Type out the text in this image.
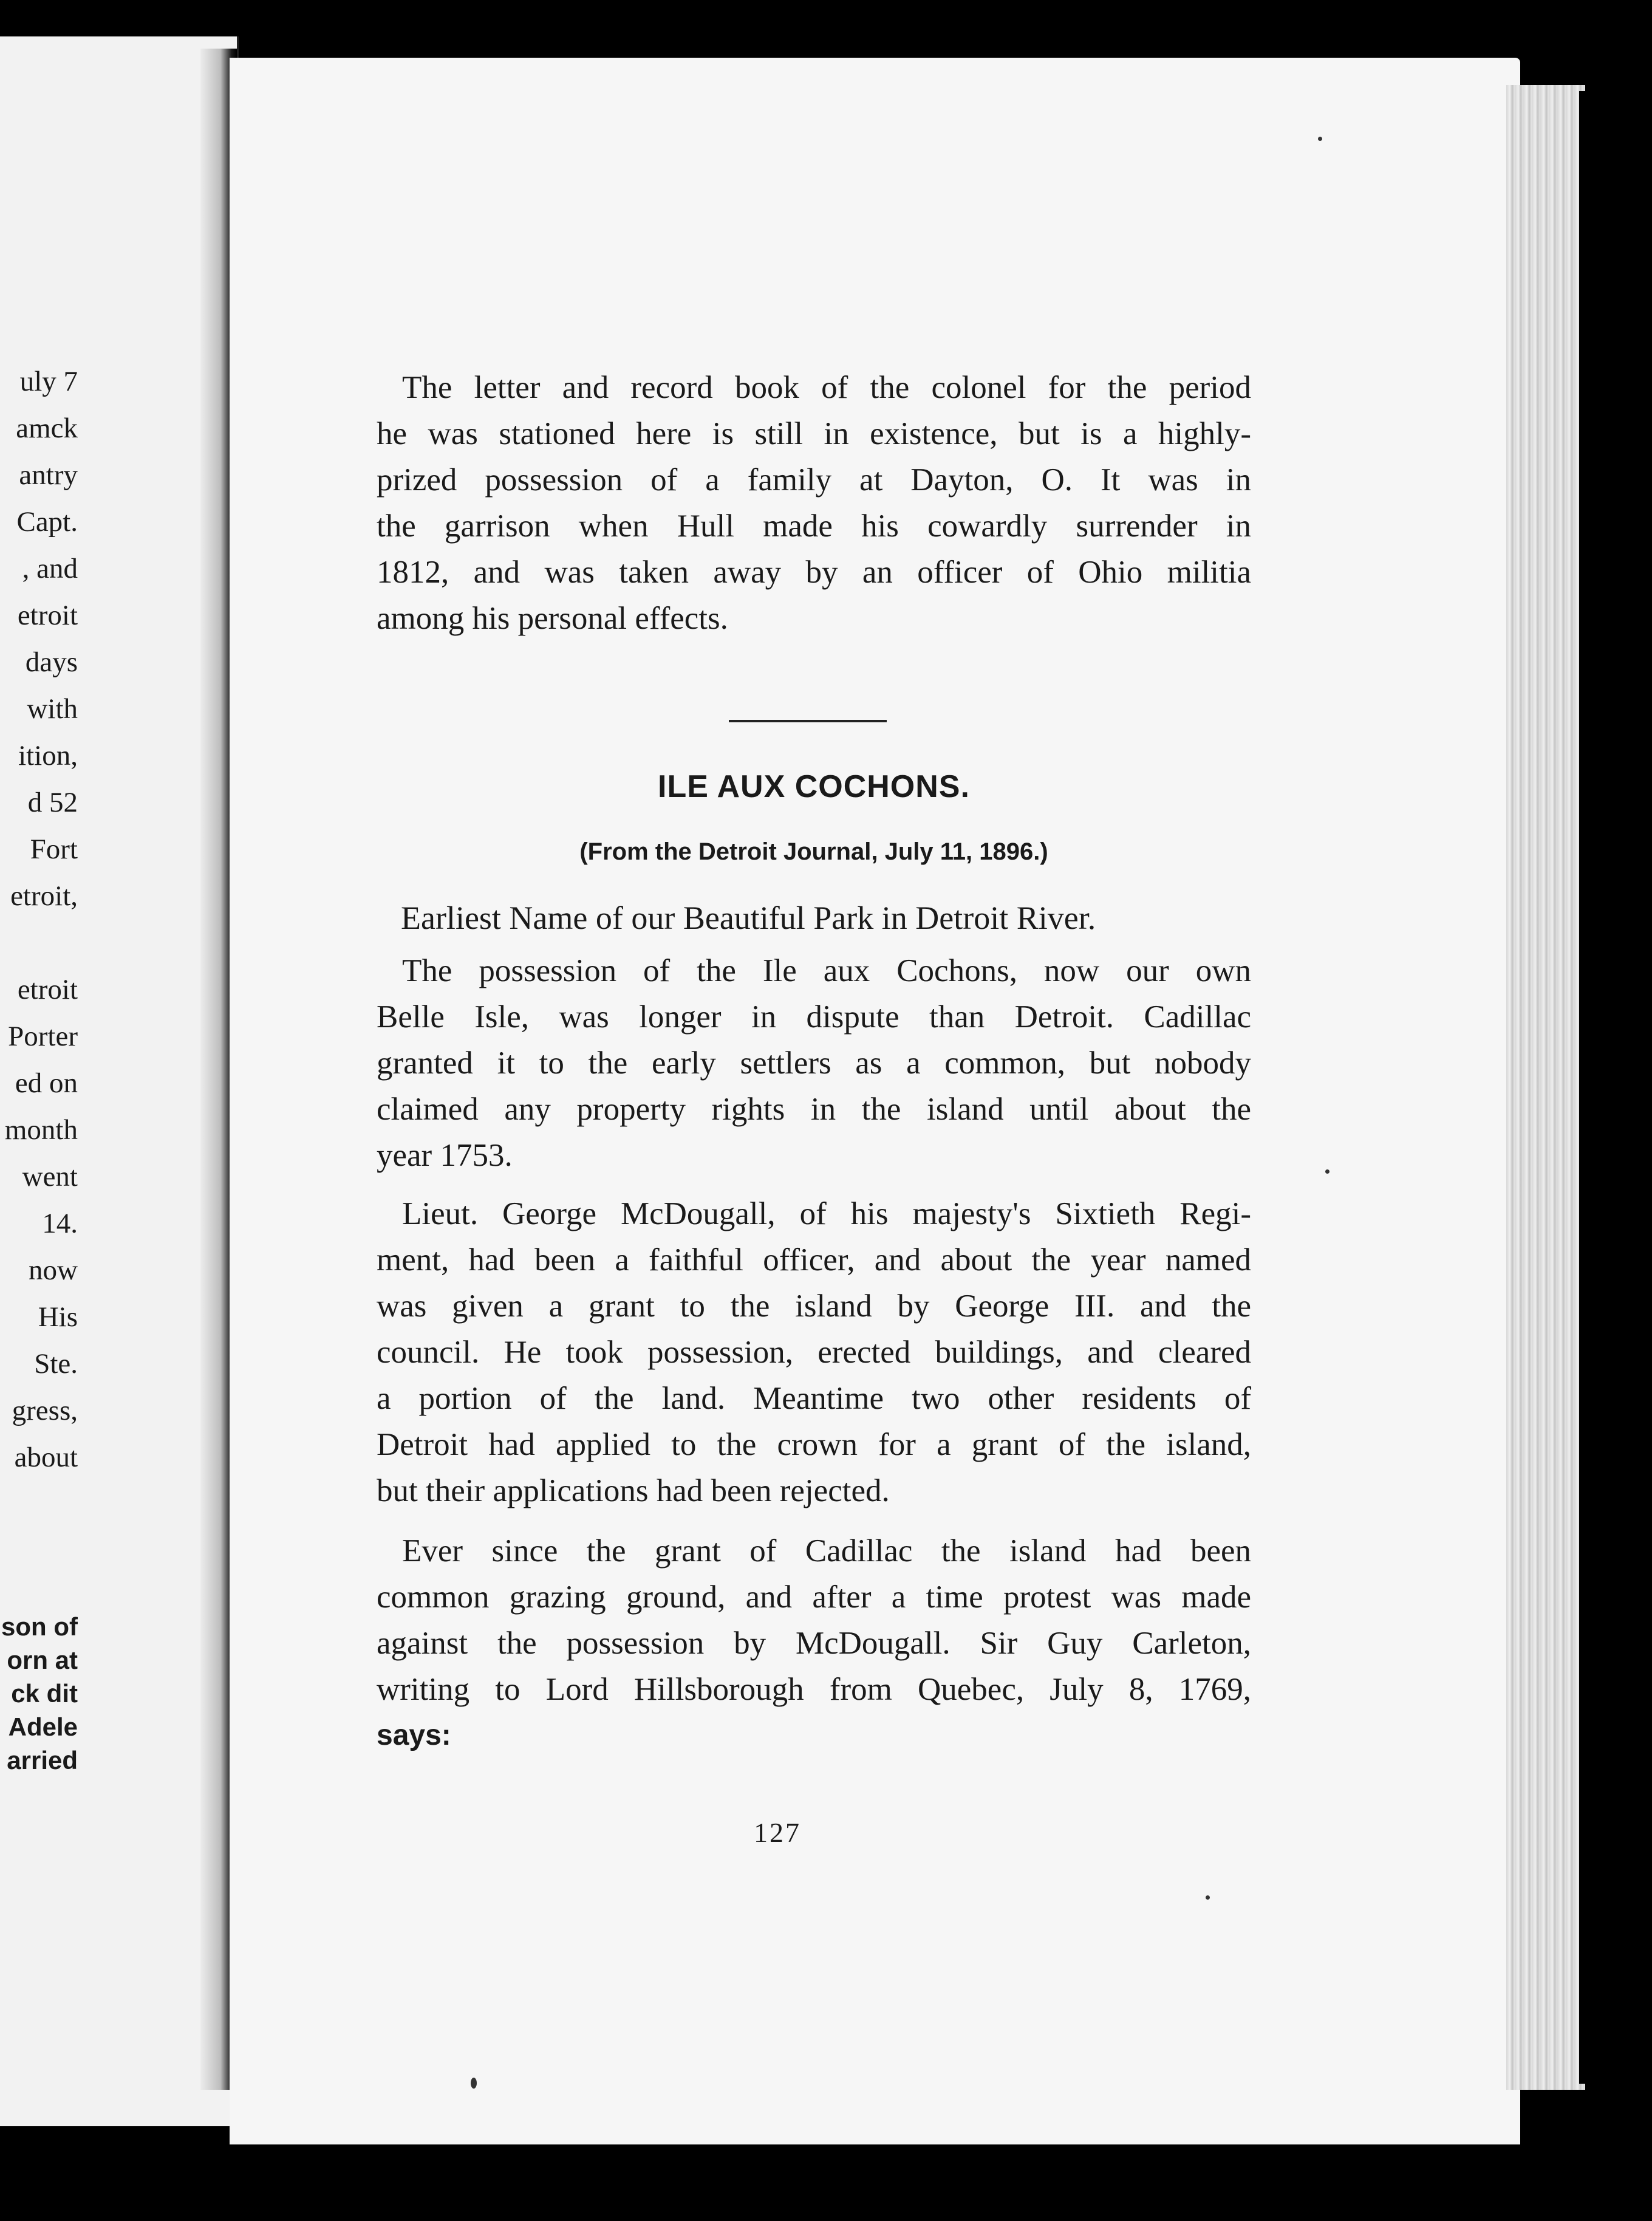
uly 7
amck
antry
Capt.
, and
etroit
days
with
ition,
d 52
Fort
etroit,
etroit
Porter
ed on
month
went
14.
now
His
Ste.
gress,
about
son of
orn at
ck dit
Adele
arried
The letter and record book of the colonel for the period
he was stationed here is still in existence, but is a highly-
prized possession of a family at Dayton, O. It was in
the garrison when Hull made his cowardly surrender in
1812, and was taken away by an officer of Ohio militia
among his personal effects.
ILE AUX COCHONS.
(From the Detroit Journal, July 11, 1896.)
Earliest Name of our Beautiful Park in Detroit River.
The possession of the Ile aux Cochons, now our own
Belle Isle, was longer in dispute than Detroit. Cadillac
granted it to the early settlers as a common, but nobody
claimed any property rights in the island until about the
year 1753.
Lieut. George McDougall, of his majesty's Sixtieth Regi-
ment, had been a faithful officer, and about the year named
was given a grant to the island by George III. and the
council. He took possession, erected buildings, and cleared
a portion of the land. Meantime two other residents of
Detroit had applied to the crown for a grant of the island,
but their applications had been rejected.
Ever since the grant of Cadillac the island had been
common grazing ground, and after a time protest was made
against the possession by McDougall. Sir Guy Carleton,
writing to Lord Hillsborough from Quebec, July 8, 1769,
says:
127
